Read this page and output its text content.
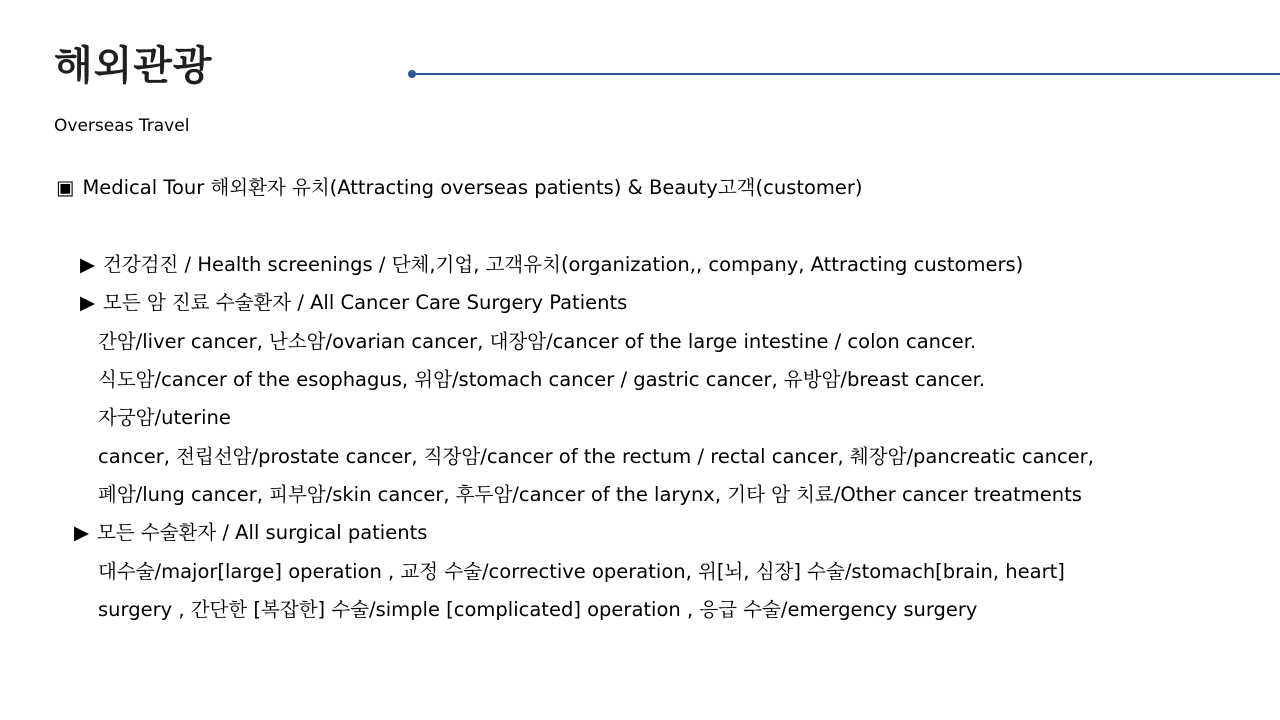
해외관광
Overseas Travel
▣ Medical Tour 해외환자 유치(Attracting overseas patients) & Beauty고객(customer)
▶ 건강검진 / Health screenings / 단체,기업, 고객유치(organization,, company, Attracting customers)
▶ 모든 암 진료 수술환자 / All Cancer Care Surgery Patients
간암/liver cancer, 난소암/ovarian cancer, 대장암/cancer of the large intestine / colon cancer.
식도암/cancer of the esophagus, 위암/stomach cancer / gastric cancer, 유방암/breast cancer.
자궁암/uterine
cancer, 전립선암/prostate cancer, 직장암/cancer of the rectum / rectal cancer, 췌장암/pancreatic cancer,
폐암/lung cancer, 피부암/skin cancer, 후두암/cancer of the larynx, 기타 암 치료/Other cancer treatments
▶ 모든 수술환자 / All surgical patients
대수술/major[large] operation , 교정 수술/corrective operation, 위[뇌, 심장] 수술/stomach[brain, heart]
surgery , 간단한 [복잡한] 수술/simple [complicated] operation , 응급 수술/emergency surgery
